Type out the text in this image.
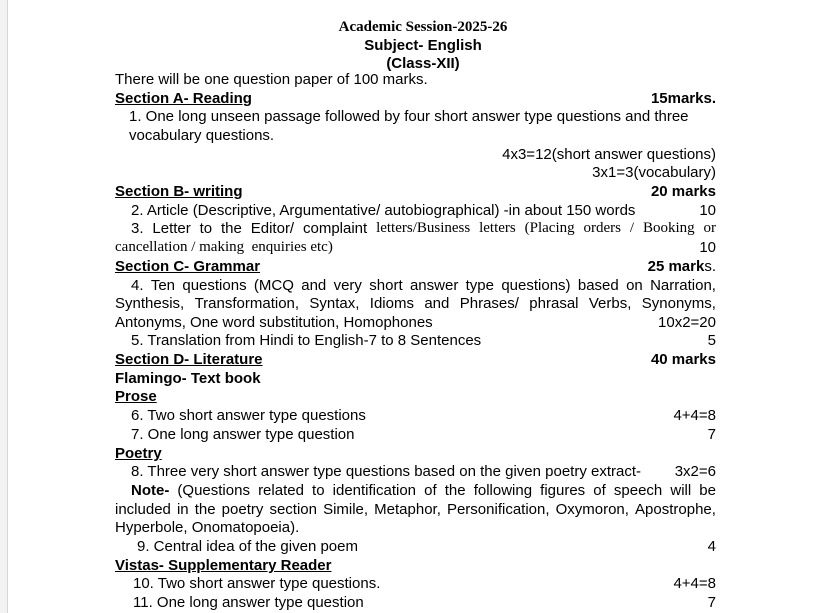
Academic Session-2025-26
Subject- English
(Class-XII)
There will be one question paper of 100 marks.
Section A- Reading	15marks.
1. One long unseen passage followed by four short answer type questions and three
vocabulary questions.
4x3=12(short answer questions)
3x1=3(vocabulary)
Section B- writing	20 marks
2. Article (Descriptive, Argumentative/ autobiographical) -in about 150 words	10
3. Letter to the Editor/ complaint letters/Business letters (Placing orders / Booking or
cancellation / making  enquiries etc)	10
Section C- Grammar	25 marks.
4. Ten questions (MCQ and very short answer type questions) based on Narration,
Synthesis, Transformation, Syntax, Idioms and Phrases/ phrasal Verbs, Synonyms,
Antonyms, One word substitution, Homophones	10x2=20
5. Translation from Hindi to English-7 to 8 Sentences	5
Section D- Literature	40 marks
Flamingo- Text book
Prose
6. Two short answer type questions	4+4=8
7. One long answer type question	7
Poetry
8. Three very short answer type questions based on the given poetry extract- 3x2=6
Note- (Questions related to identification of the following figures of speech will be
included in the poetry section Simile, Metaphor, Personification, Oxymoron, Apostrophe,
Hyperbole, Onomatopoeia).
9. Central idea of the given poem	4
Vistas- Supplementary Reader
10. Two short answer type questions.	4+4=8
11. One long answer type question	7
